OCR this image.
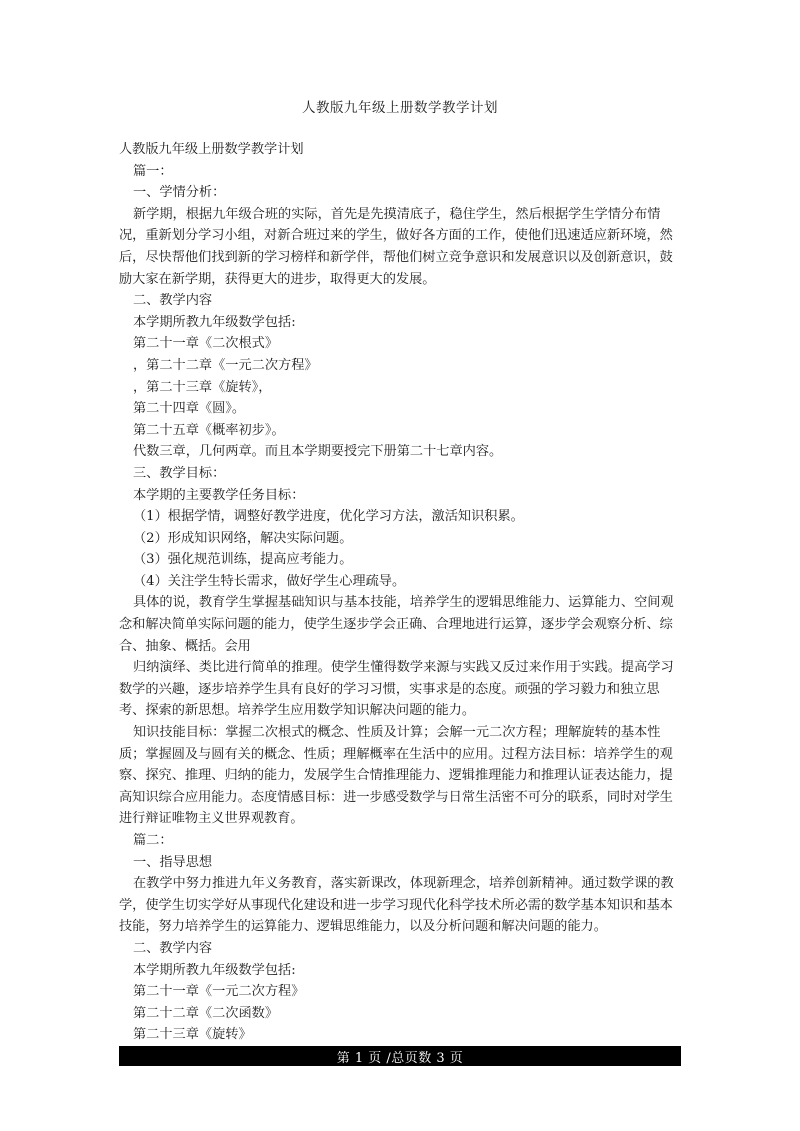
人教版九年级上册数学教学计划

人教版九年级上册数学教学计划

篇一：

一、学情分析：

新学期，根据九年级合班的实际，首先是先摸清底子，稳住学生，然后根据学生学情分布情况，重新划分学习小组，对新合班过来的学生，做好各方面的工作，使他们迅速适应新环境，然后，尽快帮他们找到新的学习榜样和新学伴，帮他们树立竞争意识和发展意识以及创新意识，鼓励大家在新学期，获得更大的进步，取得更大的发展。

二、教学内容

本学期所教九年级数学包括:

第二十一章《二次根式》

，第二十二章《一元二次方程》

，第二十三章《旋转》，

第二十四章《圆》。

第二十五章《概率初步》。

代数三章，几何两章。而且本学期要授完下册第二十七章内容。

三、教学目标：

本学期的主要教学任务目标：

（1）根据学情，调整好教学进度，优化学习方法，激活知识积累。

（2）形成知识网络，解决实际问题。

（3）强化规范训练，提高应考能力。

（4）关注学生特长需求，做好学生心理疏导。

具体的说，教育学生掌握基础知识与基本技能，培养学生的逻辑思维能力、运算能力、空间观念和解决简单实际问题的能力，使学生逐步学会正确、合理地进行运算，逐步学会观察分析、综合、抽象、概括。会用

归纳演绎、类比进行简单的推理。使学生懂得数学来源与实践又反过来作用于实践。提高学习数学的兴趣，逐步培养学生具有良好的学习习惯，实事求是的态度。顽强的学习毅力和独立思考、探索的新思想。培养学生应用数学知识解决问题的能力。

知识技能目标：掌握二次根式的概念、性质及计算；会解一元二次方程；理解旋转的基本性质；掌握圆及与圆有关的概念、性质；理解概率在生活中的应用。过程方法目标：培养学生的观察、探究、推理、归纳的能力，发展学生合情推理能力、逻辑推理能力和推理认证表达能力，提高知识综合应用能力。态度情感目标：进一步感受数学与日常生活密不可分的联系，同时对学生进行辩证唯物主义世界观教育。

篇二：

一、指导思想

在教学中努力推进九年义务教育，落实新课改，体现新理念，培养创新精神。通过数学课的教学，使学生切实学好从事现代化建设和进一步学习现代化科学技术所必需的数学基本知识和基本技能，努力培养学生的运算能力、逻辑思维能力，以及分析问题和解决问题的能力。

二、教学内容

本学期所教九年级数学包括:

第二十一章《一元二次方程》

第二十二章《二次函数》

第二十三章《旋转》

第 1 页 /总页数 3 页
